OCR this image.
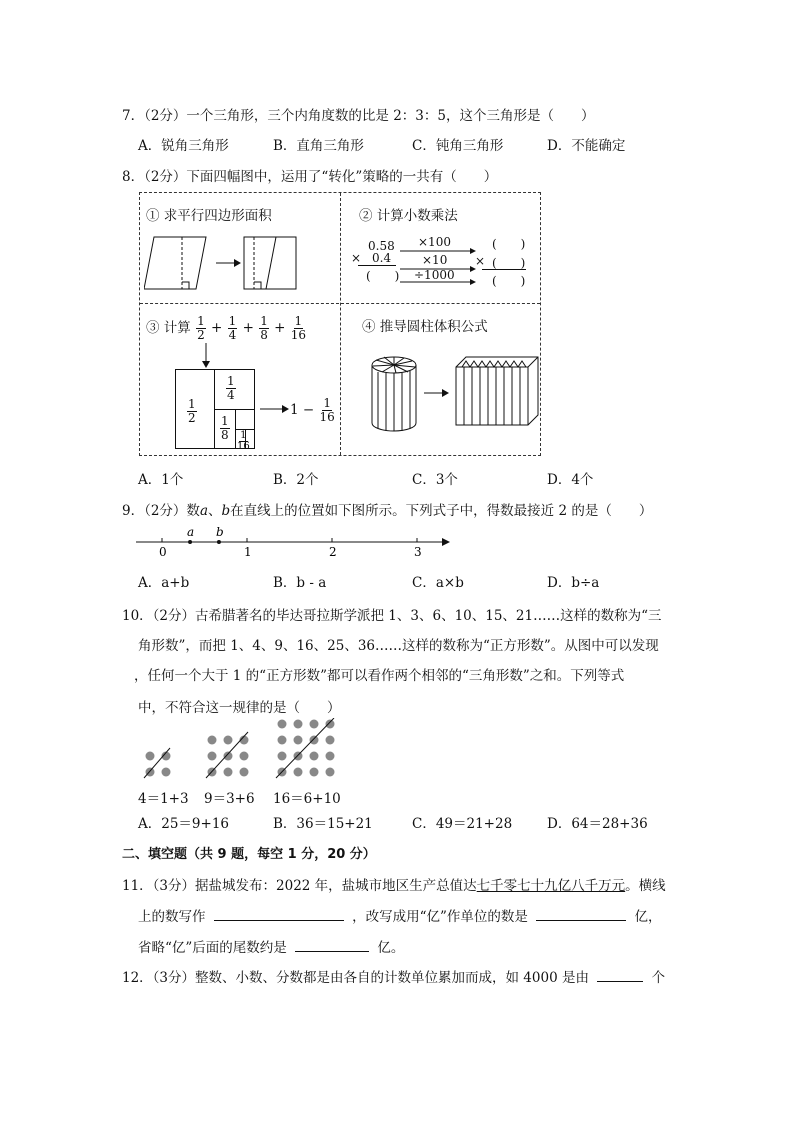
7．（2分）一个三角形，三个内角度数的比是 2：3：5，这个三角形是（　　）
A．锐角三角形	B．直角三角形	C．钝角三角形	D．不能确定
8．（2分）下面四幅图中，运用了“转化”策略的一共有（　　）
① 求平行四边形面积	② 计算小数乘法
0.58
× 0.4
(　　)
×100
×10
÷1000
(　　)
× (　　)
(　　)
③ 计算 $\frac{1}{2} + \frac{1}{4} + \frac{1}{8} + \frac{1}{16}$
$\frac{1}{2}$
$\frac{1}{4}$
$\frac{1}{8} \frac{1}{16}$
$1 - \frac{1}{16}$
④ 推导圆柱体积公式
A．1个	B．2个	C．3个	D．4个
9．（2分）数a、b在直线上的位置如下图所示。下列式子中，得数最接近 2 的是（　　）
0	1	2	3
a b
A．a+b	B．b - a	C．a×b	D．b÷a
10．（2分）古希腊著名的毕达哥拉斯学派把 1、3、6、10、15、21……这样的数称为“三
角形数”，而把 1、4、9、16、25、36……这样的数称为“正方形数”。从图中可以发现
，任何一个大于 1 的“正方形数”都可以看作两个相邻的“三角形数”之和。下列等式
中，不符合这一规律的是（　　）
4＝1+3 9＝3+6 16＝6+10
A．25＝9+16	B．36＝15+21	C．49＝21+28	D．64＝28+36
二、填空题（共 9 题，每空 1 分，20 分）
11．（3分）据盐城发布：2022 年，盐城市地区生产总值达七千零七十九亿八千万元。横线
上的数写作	，改写成用“亿”作单位的数是	亿，
省略“亿”后面的尾数约是	亿。
12．（3分）整数、小数、分数都是由各自的计数单位累加而成，如 4000 是由	个
